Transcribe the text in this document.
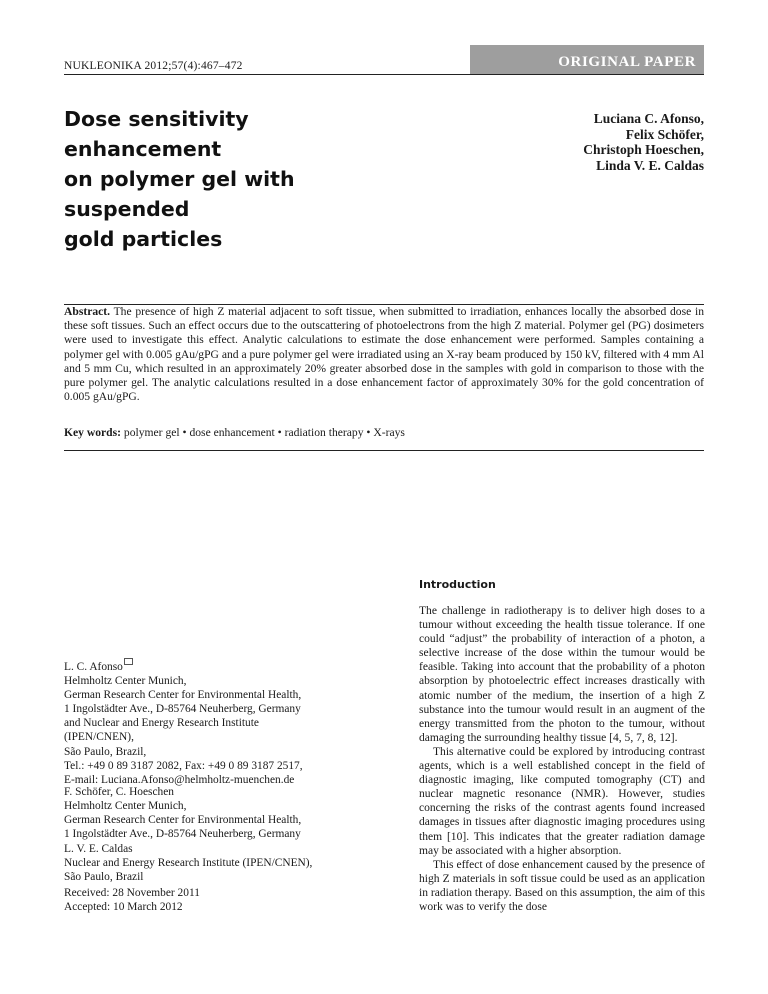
NUKLEONIKA 2012;57(4):467–472	ORIGINAL PAPER
Dose sensitivity enhancement
on polymer gel with suspended
gold particles
Luciana C. Afonso,
Felix Schöfer,
Christoph Hoeschen,
Linda V. E. Caldas
Abstract. The presence of high Z material adjacent to soft tissue, when submitted to irradiation, enhances locally the absorbed dose in these soft tissues. Such an effect occurs due to the outscattering of photoelectrons from the high Z material. Polymer gel (PG) dosimeters were used to investigate this effect. Analytic calculations to estimate the dose enhancement were performed. Samples containing a polymer gel with 0.005 gAu/gPG and a pure polymer gel were irradiated using an X-ray beam produced by 150 kV, filtered with 4 mm Al and 5 mm Cu, which resulted in an approximately 20% greater absorbed dose in the samples with gold in comparison to those with the pure polymer gel. The analytic calculations resulted in a dose enhancement factor of approximately 30% for the gold concentration of 0.005 gAu/gPG.
Key words: polymer gel • dose enhancement • radiation therapy • X-rays
Introduction

The challenge in radiotherapy is to deliver high doses to a tumour without exceeding the health tissue tolerance. If one could “adjust” the probability of interaction of a photon, a selective increase of the dose within the tumour would be feasible. Taking into account that the probability of a photon absorption by photoelectric effect increases drastically with atomic number of the medium, the insertion of a high Z substance into the tumour would result in an augment of the energy transmitted from the photon to the tumour, without damaging the surrounding healthy tissue [4, 5, 7, 8, 12].

This alternative could be explored by introducing contrast agents, which is a well established concept in the field of diagnostic imaging, like computed tomography (CT) and nuclear magnetic resonance (NMR). However, studies concerning the risks of the contrast agents found increased damages in tissues after diagnostic imaging procedures using them [10]. This indicates that the greater radiation damage may be associated with a higher absorption.

This effect of dose enhancement caused by the presence of high Z materials in soft tissue could be used as an application in radiation therapy. Based on this assumption, the aim of this work was to verify the dose

L. C. Afonso
Helmholtz Center Munich,
German Research Center for Environmental Health,
1 Ingolstädter Ave., D-85764 Neuherberg, Germany
and Nuclear and Energy Research Institute
(IPEN/CNEN),
São Paulo, Brazil,
Tel.: +49 0 89 3187 2082, Fax: +49 0 89 3187 2517,
E-mail: Luciana.Afonso@helmholtz-muenchen.de
F. Schöfer, C. Hoeschen
Helmholtz Center Munich,
German Research Center for Environmental Health,
1 Ingolstädter Ave., D-85764 Neuherberg, Germany
L. V. E. Caldas
Nuclear and Energy Research Institute (IPEN/CNEN),
São Paulo, Brazil
Received: 28 November 2011
Accepted: 10 March 2012
